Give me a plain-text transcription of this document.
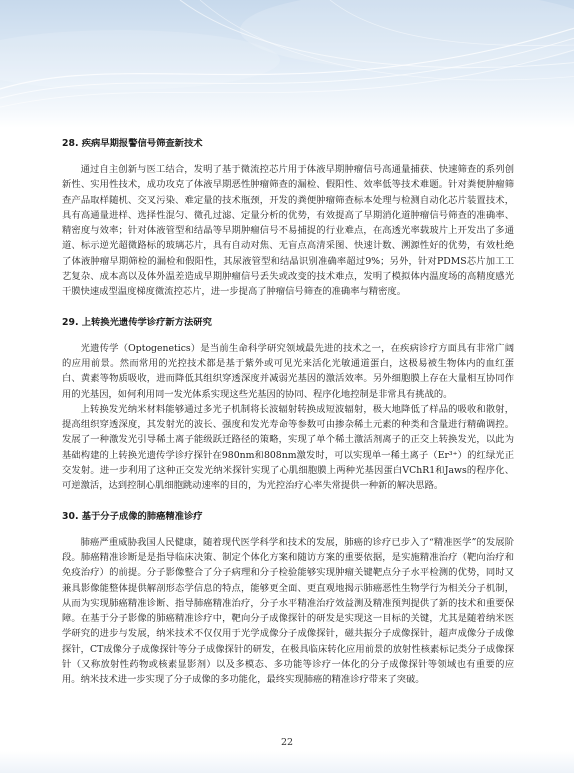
28. 疾病早期报警信号筛查新技术

通过自主创新与医工结合，发明了基于微流控芯片用于体液早期肿瘤信号高通量捕获、快速筛查的系列创新性、实用性技术，成功攻克了体液早期恶性肿瘤筛查的漏检、假阳性、效率低等技术难题。针对粪便肿瘤筛查产品取样随机、交叉污染、难定量的技术瓶颈，开发的粪便肿瘤筛查标本处理与检测自动化芯片装置技术，具有高通量进样、选择性混匀、微孔过滤、定量分析的优势，有效提高了早期消化道肿瘤信号筛查的准确率、精密度与效率；针对体液管型和结晶等早期肿瘤信号不易捕捉的行业难点，在高透光率载玻片上开发出了多通道、标示逆光超微路标的玻璃芯片，具有自动对焦、无盲点高清采图、快速计数、溯源性好的优势，有效杜绝了体液肿瘤早期筛检的漏检和假阳性，其尿液管型和结晶识别准确率超过9%；另外，针对PDMS芯片加工工艺复杂、成本高以及体外温差造成早期肿瘤信号丢失或改变的技术难点，发明了模拟体内温度场的高精度感光干膜快速成型温度梯度微流控芯片，进一步提高了肿瘤信号筛查的准确率与精密度。

29. 上转换光遗传学诊疗新方法研究

光遗传学（Optogenetics）是当前生命科学研究领域最先进的技术之一，在疾病诊疗方面具有非常广阔的应用前景。然而常用的光控技术都是基于紫外或可见光来活化光敏通道蛋白，这极易被生物体内的血红蛋白、黄素等物质吸收，进而降低其组织穿透深度并减弱光基因的激活效率。另外细胞膜上存在大量相互协同作用的光基因，如何利用同一发光体系实现这些光基因的协同、程序化地控制是非常具有挑战的。

上转换发光纳米材料能够通过多光子机制将长波辐射转换成短波辐射，极大地降低了样品的吸收和散射，提高组织穿透深度，其发射光的波长、强度和发光寿命等参数可由掺杂稀土元素的种类和含量进行精确调控。发展了一种激发光引导稀土离子能级跃迁路径的策略，实现了单个稀土激活剂离子的正交上转换发光，以此为基础构建的上转换光遗传学诊疗探针在980nm和808nm激发时，可以实现单一稀土离子（Er³⁺）的红绿光正交发射。进一步利用了这种正交发光纳米探针实现了心肌细胞膜上两种光基因蛋白VChR1和Jaws的程序化、可逆激活，达到控制心肌细胞跳动速率的目的，为光控治疗心率失常提供一种新的解决思路。

30. 基于分子成像的肺癌精准诊疗

肺癌严重威胁我国人民健康，随着现代医学科学和技术的发展，肺癌的诊疗已步入了“精准医学”的发展阶段。肺癌精准诊断是是指导临床决策、制定个体化方案和随访方案的重要依据，是实施精准治疗（靶向治疗和免疫治疗）的前提。分子影像整合了分子病理和分子检验能够实现肿瘤关键靶点分子水平检测的优势，同时又兼具影像能整体提供解剖形态学信息的特点，能够更全面、更直观地揭示肺癌恶性生物学行为相关分子机制，从而为实现肺癌精准诊断、指导肺癌精准治疗，分子水平精准治疗效益测及精准预判提供了新的技术和重要保障。在基于分子影像的肺癌精准诊疗中，靶向分子成像探针的研发是实现这一目标的关键，尤其是随着纳米医学研究的进步与发展，纳米技术不仅仅用于光学成像分子成像探针，磁共振分子成像探针，超声成像分子成像探针，CT成像分子成像探针等分子成像探针的研发，在极具临床转化应用前景的放射性核素标记类分子成像探针（又称放射性药物或核素显影剂）以及多模态、多功能等诊疗一体化的分子成像探针等领域也有重要的应用。纳米技术进一步实现了分子成像的多功能化，最终实现肺癌的精准诊疗带来了突破。

22
